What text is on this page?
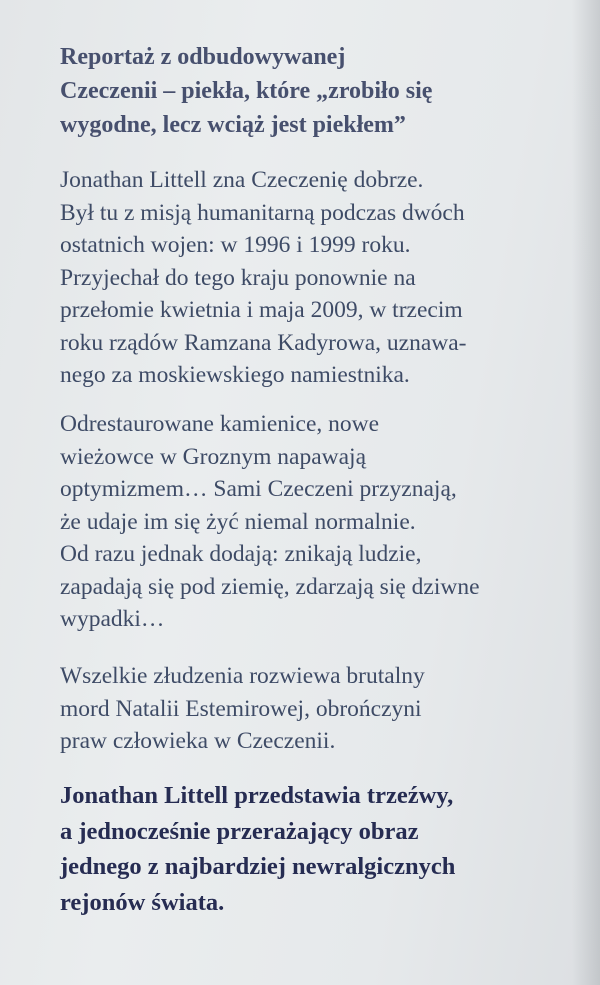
Reportaż z odbudowywanej
Czeczenii – piekła, które „zrobiło się
wygodne, lecz wciąż jest piekłem”
Jonathan Littell zna Czeczenię dobrze.
Był tu z misją humanitarną podczas dwóch
ostatnich wojen: w 1996 i 1999 roku.
Przyjechał do tego kraju ponownie na
przełomie kwietnia i maja 2009, w trzecim
roku rządów Ramzana Kadyrowa, uznawa-
nego za moskiewskiego namiestnika.
Odrestaurowane kamienice, nowe
wieżowce w Groznym napawają
optymizmem… Sami Czeczeni przyznają,
że udaje im się żyć niemal normalnie.
Od razu jednak dodają: znikają ludzie,
zapadają się pod ziemię, zdarzają się dziwne
wypadki…
Wszelkie złudzenia rozwiewa brutalny
mord Natalii Estemirowej, obrończyni
praw człowieka w Czeczenii.
Jonathan Littell przedstawia trzeźwy,
a jednocześnie przerażający obraz
jednego z najbardziej newralgicznych
rejonów świata.
